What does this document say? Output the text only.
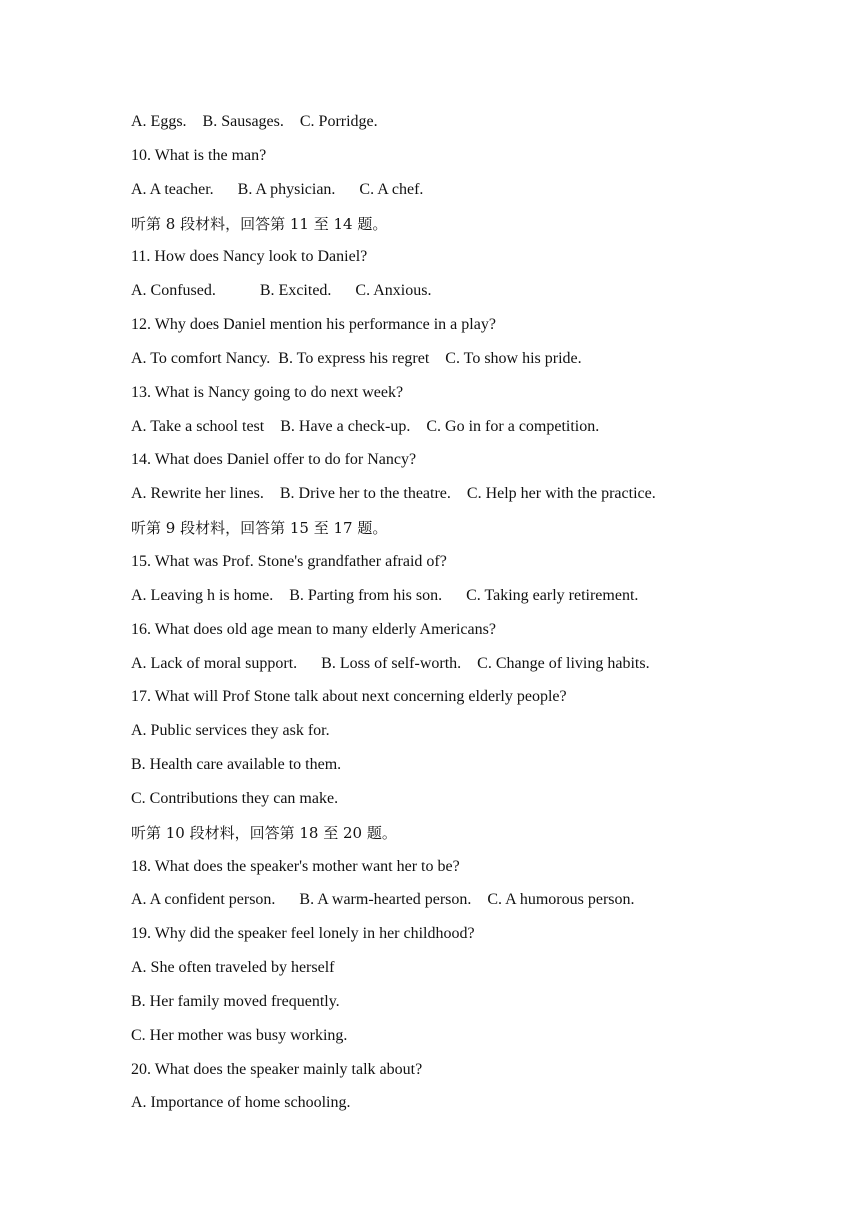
A. Eggs.    B. Sausages.    C. Porridge.
10. What is the man?
A. A teacher.      B. A physician.      C. A chef.
听第 8 段材料，回答第 11 至 14 题。
11. How does Nancy look to Daniel?
A. Confused.           B. Excited.      C. Anxious.
12. Why does Daniel mention his performance in a play?
A. To comfort Nancy.  B. To express his regret    C. To show his pride.
13. What is Nancy going to do next week?
A. Take a school test    B. Have a check-up.    C. Go in for a competition.
14. What does Daniel offer to do for Nancy?
A. Rewrite her lines.    B. Drive her to the theatre.    C. Help her with the practice.
听第 9 段材料，回答第 15 至 17 题。
15. What was Prof. Stone's grandfather afraid of?
A. Leaving h is home.    B. Parting from his son.      C. Taking early retirement.
16. What does old age mean to many elderly Americans?
A. Lack of moral support.      B. Loss of self-worth.    C. Change of living habits.
17. What will Prof Stone talk about next concerning elderly people?
A. Public services they ask for.
B. Health care available to them.
C. Contributions they can make.
听第 10 段材料，回答第 18 至 20 题。
18. What does the speaker's mother want her to be?
A. A confident person.      B. A warm-hearted person.    C. A humorous person.
19. Why did the speaker feel lonely in her childhood?
A. She often traveled by herself
B. Her family moved frequently.
C. Her mother was busy working.
20. What does the speaker mainly talk about?
A. Importance of home schooling.
